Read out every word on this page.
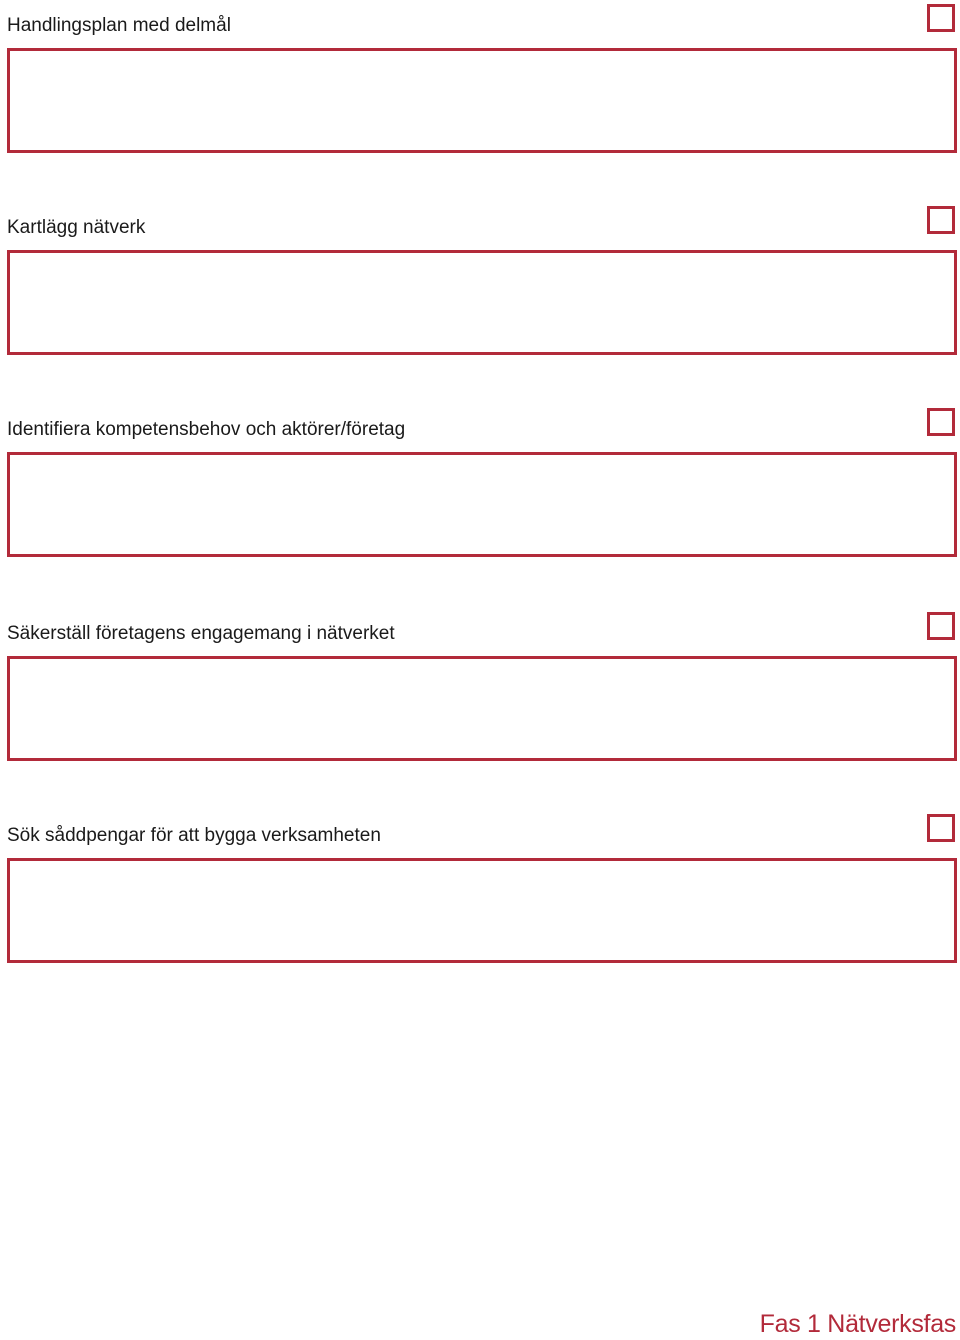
Handlingsplan med delmål
Kartlägg nätverk
Identifiera kompetensbehov och aktörer/företag
Säkerställ företagens engagemang i nätverket
Sök såddpengar för att bygga verksamheten
Fas 1 Nätverksfas
